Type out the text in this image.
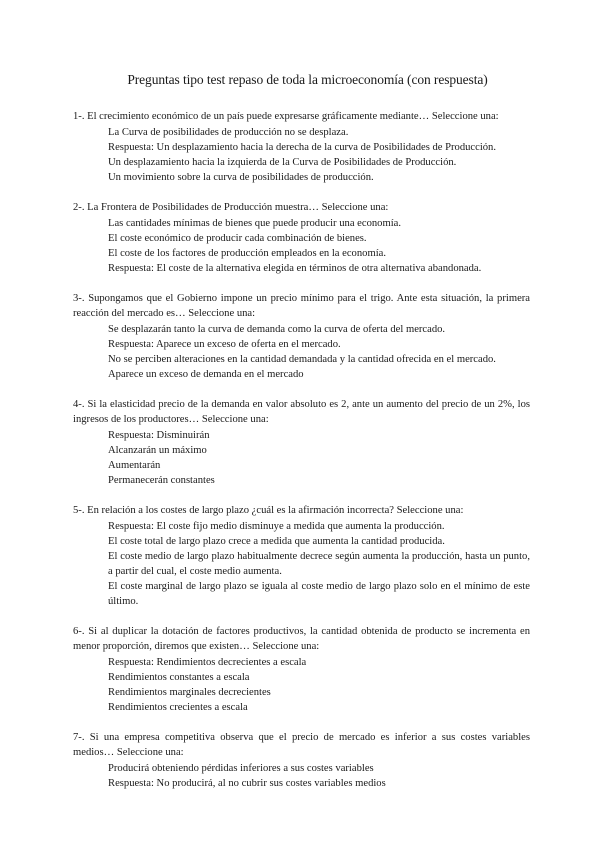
Preguntas tipo test repaso de toda la microeconomía (con respuesta)

1-. El crecimiento económico de un país puede expresarse gráficamente mediante… Seleccione una:

La Curva de posibilidades de producción no se desplaza.
Respuesta: Un desplazamiento hacia la derecha de la curva de Posibilidades de Producción.
Un desplazamiento hacia la izquierda de la Curva de Posibilidades de Producción.
Un movimiento sobre la curva de posibilidades de producción.

2-. La Frontera de Posibilidades de Producción muestra… Seleccione una:

Las cantidades mínimas de bienes que puede producir una economía.
El coste económico de producir cada combinación de bienes.
El coste de los factores de producción empleados en la economía.
Respuesta: El coste de la alternativa elegida en términos de otra alternativa abandonada.

3-. Supongamos que el Gobierno impone un precio mínimo para el trigo. Ante esta situación, la primera reacción del mercado es… Seleccione una:

Se desplazarán tanto la curva de demanda como la curva de oferta del mercado.
Respuesta: Aparece un exceso de oferta en el mercado.
No se perciben alteraciones en la cantidad demandada y la cantidad ofrecida en el mercado.
Aparece un exceso de demanda en el mercado

4-. Si la elasticidad precio de la demanda en valor absoluto es 2, ante un aumento del precio de un 2%, los ingresos de los productores… Seleccione una:

Respuesta: Disminuirán
Alcanzarán un máximo
Aumentarán
Permanecerán constantes

5-. En relación a los costes de largo plazo ¿cuál es la afirmación incorrecta? Seleccione una:

Respuesta: El coste fijo medio disminuye a medida que aumenta la producción.
El coste total de largo plazo crece a medida que aumenta la cantidad producida.
El coste medio de largo plazo habitualmente decrece según aumenta la producción, hasta un punto, a partir del cual, el coste medio aumenta.
El coste marginal de largo plazo se iguala al coste medio de largo plazo solo en el mínimo de este último.

6-. Si al duplicar la dotación de factores productivos, la cantidad obtenida de producto se incrementa en menor proporción, diremos que existen… Seleccione una:

Respuesta: Rendimientos decrecientes a escala
Rendimientos constantes a escala
Rendimientos marginales decrecientes
Rendimientos crecientes a escala

7-. Si una empresa competitiva observa que el precio de mercado es inferior a sus costes variables medios… Seleccione una:

Producirá obteniendo pérdidas inferiores a sus costes variables
Respuesta: No producirá, al no cubrir sus costes variables medios
